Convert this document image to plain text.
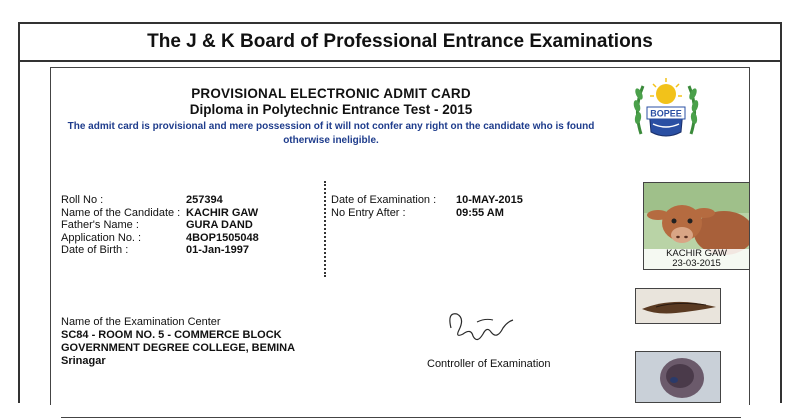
The J & K Board of Professional Entrance Examinations
PROVISIONAL ELECTRONIC ADMIT CARD
Diploma in Polytechnic Entrance Test - 2015
The admit card is provisional and mere possession of it will not confer any right on the candidate who is found
otherwise ineligible.
BOPEE
Roll No :	257394
Name of the Candidate : KACHIR GAW
Father's Name :	GURA DAND
Application No. :	4BOP1505048
Date of Birth :	01-Jan-1997
Date of Examination :	10-MAY-2015
No Entry After :	09:55 AM
KACHIR GAW
23-03-2015
Name of the Examination Center
SC84 - ROOM NO. 5 - COMMERCE BLOCK
GOVERNMENT DEGREE COLLEGE, BEMINA
Srinagar	Controller of Examination
